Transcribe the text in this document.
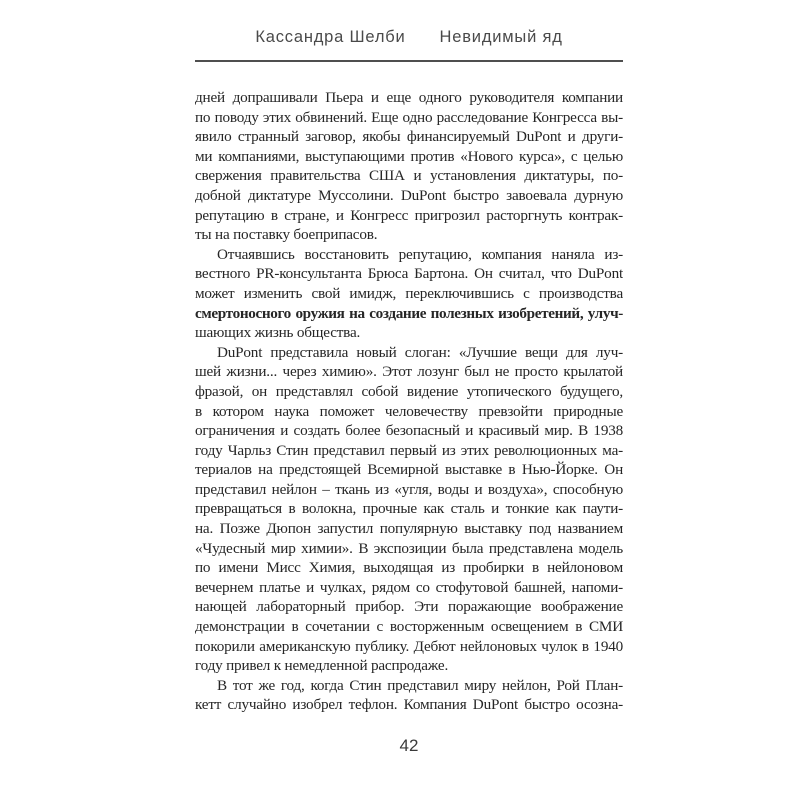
Кассандра Шелби Невидимый яд
дней допрашивали Пьера и еще одного руководителя компании
по поводу этих обвинений. Еще одно расследование Конгресса вы-
явило странный заговор, якобы финансируемый DuPont и други-
ми компаниями, выступающими против «Нового курса», с целью
свержения правительства США и установления диктатуры, по-
добной диктатуре Муссолини. DuPont быстро завоевала дурную
репутацию в стране, и Конгресс пригрозил расторгнуть контрак-
ты на поставку боеприпасов.
Отчаявшись восстановить репутацию, компания наняла из-
вестного PR-консультанта Брюса Бартона. Он считал, что DuPont
может изменить свой имидж, переключившись с производства
смертоносного оружия на создание полезных изобретений, улуч-
шающих жизнь общества.
DuPont представила новый слоган: «Лучшие вещи для луч-
шей жизни... через химию». Этот лозунг был не просто крылатой
фразой, он представлял собой видение утопического будущего,
в котором наука поможет человечеству превзойти природные
ограничения и создать более безопасный и красивый мир. В 1938
году Чарльз Стин представил первый из этих революционных ма-
териалов на предстоящей Всемирной выставке в Нью-Йорке. Он
представил нейлон – ткань из «угля, воды и воздуха», способную
превращаться в волокна, прочные как сталь и тонкие как паути-
на. Позже Дюпон запустил популярную выставку под названием
«Чудесный мир химии». В экспозиции была представлена модель
по имени Мисс Химия, выходящая из пробирки в нейлоновом
вечернем платье и чулках, рядом со стофутовой башней, напоми-
нающей лабораторный прибор. Эти поражающие воображение
демонстрации в сочетании с восторженным освещением в СМИ
покорили американскую публику. Дебют нейлоновых чулок в 1940
году привел к немедленной распродаже.
В тот же год, когда Стин представил миру нейлон, Рой План-
кетт случайно изобрел тефлон. Компания DuPont быстро осозна-
42
